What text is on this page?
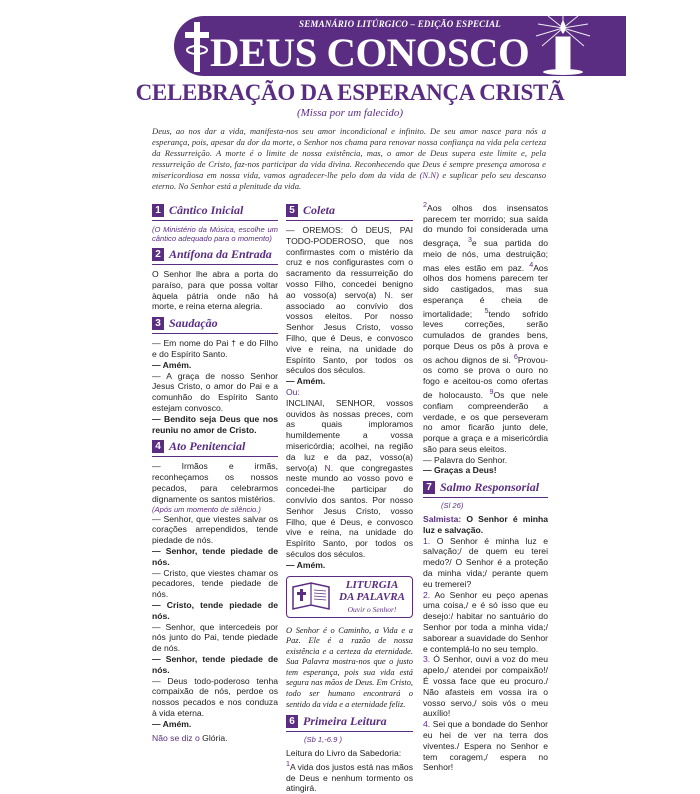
SEMANÁRIO LITÚRGICO – EDIÇÃO ESPECIAL
DEUS CONOSCO
CELEBRAÇÃO DA ESPERANÇA CRISTÃ
(Missa por um falecido)
Deus, ao nos dar a vida, manifesta-nos seu amor incondicional e infinito. De seu amor nasce para nós a esperança, pois, apesar da dor da morte, o Senhor nos chama para renovar nossa confiança na vida pela certeza da Ressurreição. A morte é o limite de nossa existência, mas, o amor de Deus supera este limite e, pela ressurreição de Cristo, faz-nos participar da vida divina. Reconhecendo que Deus é sempre presença amorosa e misericordiosa em nossa vida, vamos agradecer-lhe pelo dom da vida de (N.N) e suplicar pelo seu descanso eterno. No Senhor está a plenitude da vida.
1 Cântico Inicial

(O Ministério da Música, escolhe um cântico adequado para o momento)

2 Antífona da Entrada

O Senhor lhe abra a porta do paraíso, para que possa voltar àquela pátria onde não há morte, e reina eterna alegria.

3 Saudação

— Em nome do Pai † e do Filho e do Espírito Santo.

— Amém.

— A graça de nosso Senhor Jesus Cristo, o amor do Pai e a comunhão do Espírito Santo estejam convosco.

— Bendito seja Deus que nos reuniu no amor de Cristo.

4 Ato Penitencial

— Irmãos e irmãs, reconheçamos os nossos pecados, para celebrarmos dignamente os santos mistérios.

(Após um momento de silêncio.)

— Senhor, que viestes salvar os corações arrependidos, tende piedade de nós.

— Senhor, tende piedade de nós.

— Cristo, que viestes chamar os pecadores, tende piedade de nós.

— Cristo, tende piedade de nós.

— Senhor, que intercedeis por nós junto do Pai, tende piedade de nós.

— Senhor, tende piedade de nós.

— Deus todo-poderoso tenha compaixão de nós, perdoe os nossos pecados e nos conduza à vida eterna.

— Amém.

Não se diz o Glória.

5 Coleta

— OREMOS: Ó DEUS, PAI TODO-PODEROSO, que nos confirmastes com o mistério da cruz e nos configurastes com o sacramento da ressurreição do vosso Filho, concedei benigno ao vosso(a) servo(a) N. ser associado ao convívio dos vossos eleitos. Por nosso Senhor Jesus Cristo, vosso Filho, que é Deus, e convosco vive e reina, na unidade do Espírito Santo, por todos os séculos dos séculos.

— Amém.

Ou:

INCLINAI, SENHOR, vossos ouvidos às nossas preces, com as quais imploramos humildemente a vossa misericórdia; acolhei, na região da luz e da paz, vosso(a) servo(a) N. que congregastes neste mundo ao vosso povo e concedei-lhe participar do convívio dos santos. Por nosso Senhor Jesus Cristo, vosso Filho, que é Deus, e convosco vive e reina, na unidade do Espírito Santo, por todos os séculos dos séculos.

— Amém.

LITURGIA
DA PALAVRA
Ouvir o Senhor!

O Senhor é o Caminho, a Vida e a Paz. Ele é a razão de nossa existência e a certeza da eternidade. Sua Palavra mostra-nos que o justo tem esperança, pois sua vida está segura nas mãos de Deus. Em Cristo, todo ser humano encontrará o sentido da vida e a eternidade feliz.

6 Primeira Leitura
(Sb 1,-6.9 )

Leitura do Livro da Sabedoria:

$^1$A vida dos justos está nas mãos de Deus e nenhum tormento os atingirá.

$^2$Aos olhos dos insensatos parecem ter morrido; sua saída do mundo foi considerada uma desgraça, $^3$e sua partida do meio de nós, uma destruição; mas eles estão em paz. $^4$Aos olhos dos homens parecem ter sido castigados, mas sua esperança é cheia de imortalidade; $^5$tendo sofrido leves correções, serão cumulados de grandes bens, porque Deus os pôs à prova e os achou dignos de si. $^6$Provou-os como se prova o ouro no fogo e aceitou-os como ofertas de holocausto. $^9$Os que nele confiam compreenderão a verdade, e os que perseveram no amor ficarão junto dele, porque a graça e a misericórdia são para seus eleitos.

— Palavra do Senhor.

— Graças a Deus!

7 Salmo Responsorial
(Sl 26)

Salmista: O Senhor é minha luz e salvação.

1. O Senhor é minha luz e salvação;/ de quem eu terei medo?/ O Senhor é a proteção da minha vida;/ perante quem eu tremerei?

2. Ao Senhor eu peço apenas uma coisa,/ e é só isso que eu desejo:/ habitar no santuário do Senhor por toda a minha vida;/ saborear a suavidade do Senhor e contemplá-lo no seu templo.

3. Ó Senhor, ouvi a voz do meu apelo,/ atendei por compaixão!/ É vossa face que eu procuro./ Não afasteis em vossa ira o vosso servo,/ sois vós o meu auxílio!

4. Sei que a bondade do Senhor eu hei de ver na terra dos viventes./ Espera no Senhor e tem coragem,/ espera no Senhor!
